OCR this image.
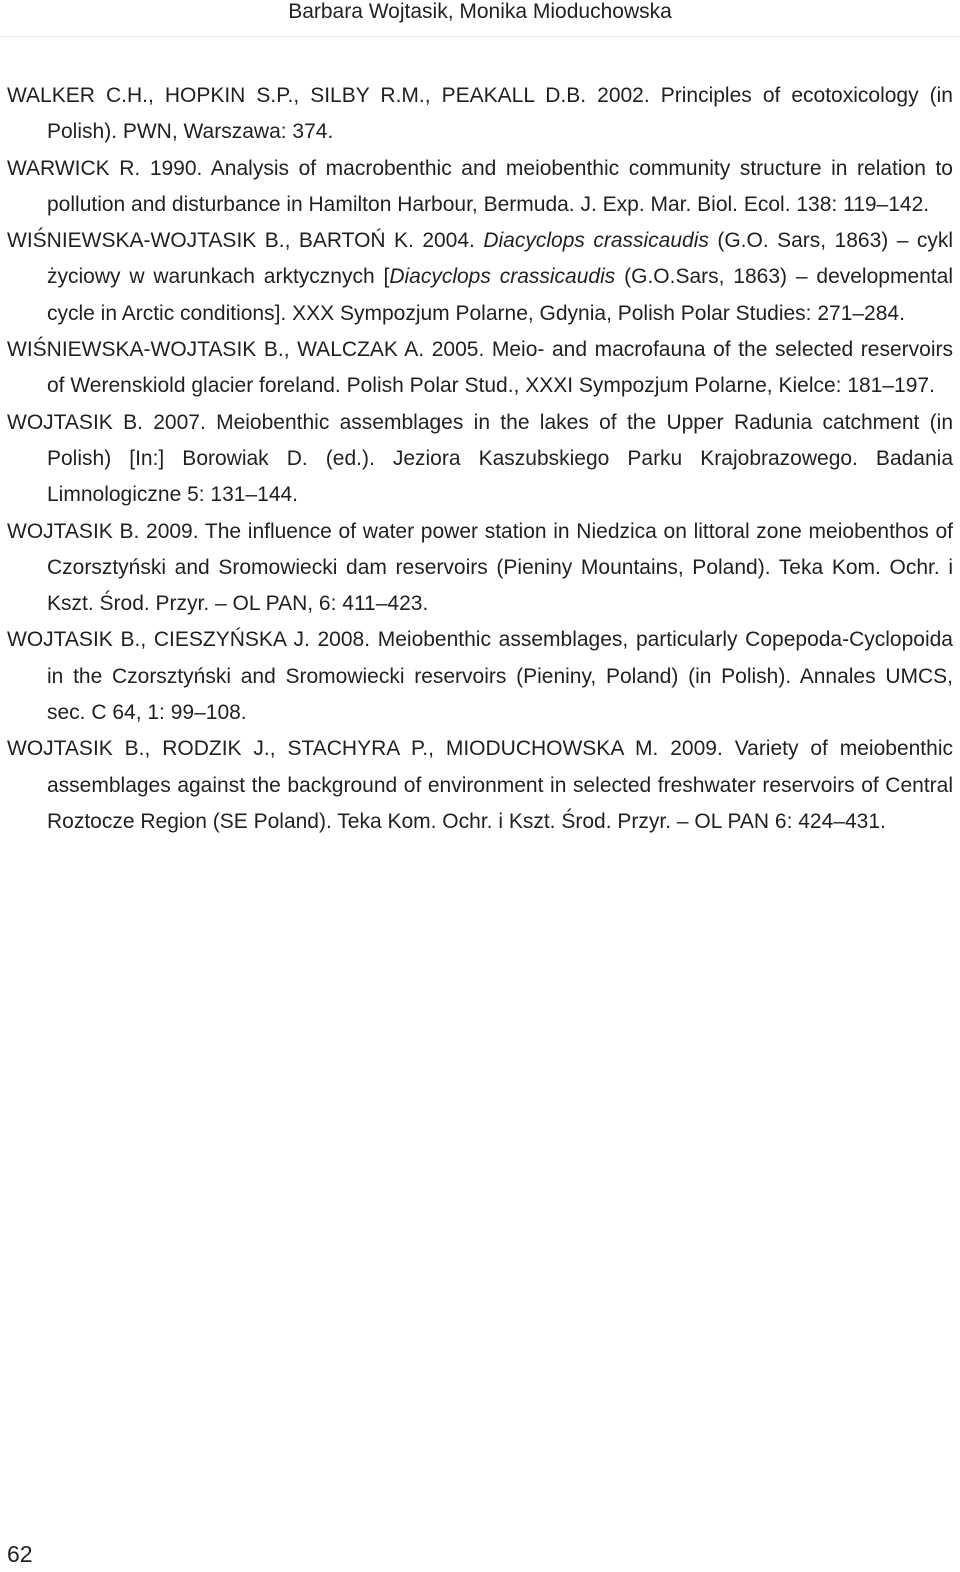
Barbara Wojtasik, Monika Mioduchowska
WALKER C.H., HOPKIN S.P., SILBY R.M., PEAKALL D.B. 2002. Principles of ecotoxicology (in Polish). PWN, Warszawa: 374.
WARWICK R. 1990. Analysis of macrobenthic and meiobenthic community structure in relation to pollution and disturbance in Hamilton Harbour, Bermuda. J. Exp. Mar. Biol. Ecol. 138: 119–142.
WIŚNIEWSKA-WOJTASIK B., BARTOŃ K. 2004. Diacyclops crassicaudis (G.O. Sars, 1863) – cykl życiowy w warunkach arktycznych [Diacyclops crassicaudis (G.O.Sars, 1863) – developmental cycle in Arctic conditions]. XXX Sympozjum Polarne, Gdynia, Polish Polar Studies: 271–284.
WIŚNIEWSKA-WOJTASIK B., WALCZAK A. 2005. Meio- and macrofauna of the selected reservoirs of Werenskiold glacier foreland. Polish Polar Stud., XXXI Sympozjum Polarne, Kielce: 181–197.
WOJTASIK B. 2007. Meiobenthic assemblages in the lakes of the Upper Radunia catchment (in Polish) [In:] Borowiak D. (ed.). Jeziora Kaszubskiego Parku Krajobrazowego. Badania Limnologiczne 5: 131–144.
WOJTASIK B. 2009. The influence of water power station in Niedzica on littoral zone meiobenthos of Czorsztyński and Sromowiecki dam reservoirs (Pieniny Mountains, Poland). Teka Kom. Ochr. i Kszt. Środ. Przyr. – OL PAN, 6: 411–423.
WOJTASIK B., CIESZYŃSKA J. 2008. Meiobenthic assemblages, particularly Copepoda-Cyclopoida in the Czorsztyński and Sromowiecki reservoirs (Pieniny, Poland) (in Polish). Annales UMCS, sec. C 64, 1: 99–108.
WOJTASIK B., RODZIK J., STACHYRA P., MIODUCHOWSKA M. 2009. Variety of meiobenthic assemblages against the background of environment in selected freshwater reservoirs of Central Roztocze Region (SE Poland). Teka Kom. Ochr. i Kszt. Środ. Przyr. – OL PAN 6: 424–431.
62
